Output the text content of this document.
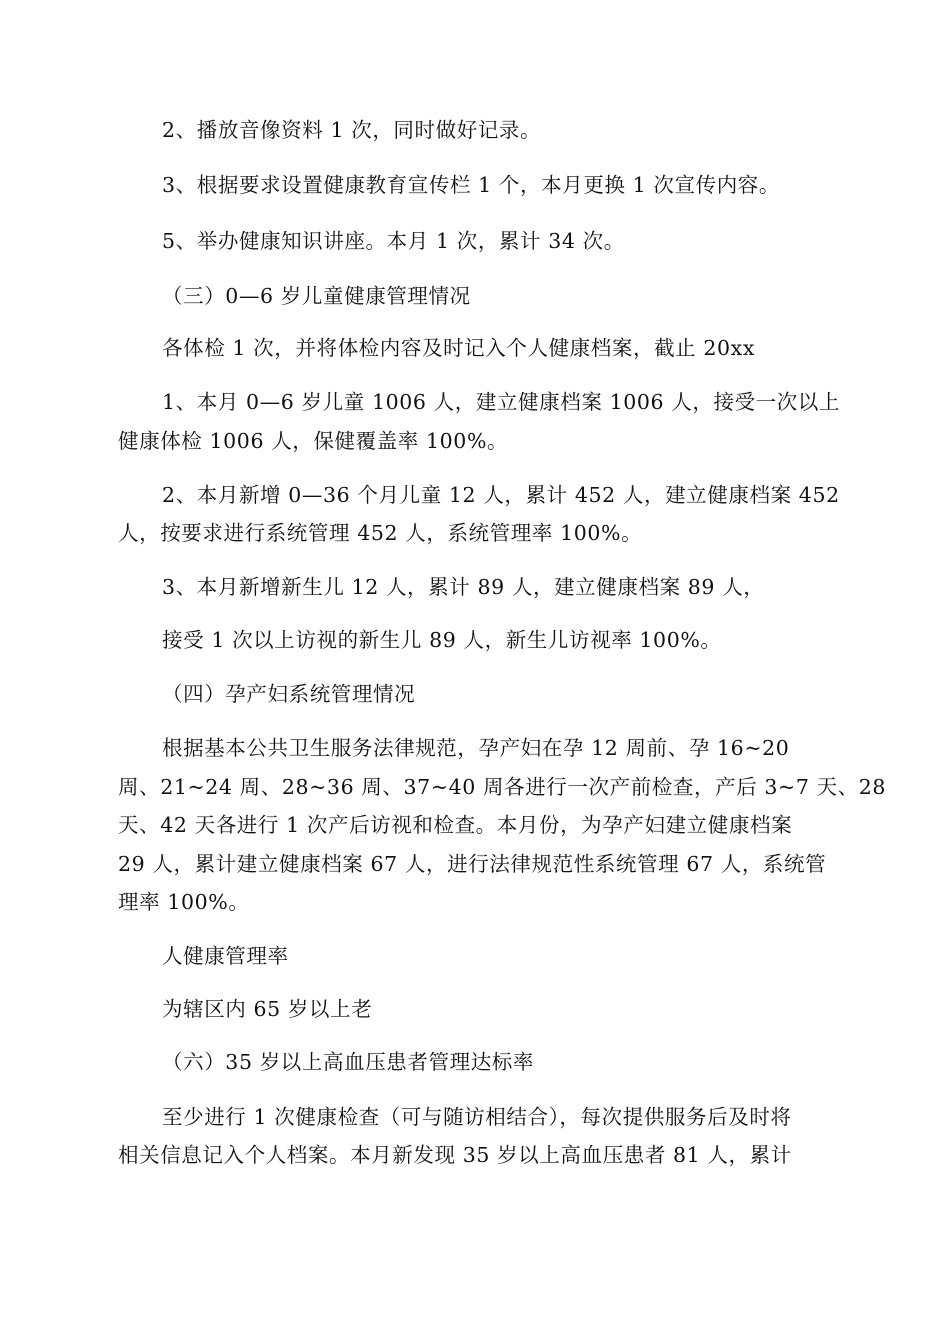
2、播放音像资料 1 次，同时做好记录。
3、根据要求设置健康教育宣传栏 1 个，本月更换 1 次宣传内容。
5、举办健康知识讲座。本月 1 次，累计 34 次。
（三）0—6 岁儿童健康管理情况
各体检 1 次，并将体检内容及时记入个人健康档案，截止 20xx
1、本月 0—6 岁儿童 1006 人，建立健康档案 1006 人，接受一次以上
健康体检 1006 人，保健覆盖率 100%。
2、本月新增 0—36 个月儿童 12 人，累计 452 人，建立健康档案 452
人，按要求进行系统管理 452 人，系统管理率 100%。
3、本月新增新生儿 12 人，累计 89 人，建立健康档案 89 人，
接受 1 次以上访视的新生儿 89 人，新生儿访视率 100%。
（四）孕产妇系统管理情况
根据基本公共卫生服务法律规范，孕产妇在孕 12 周前、孕 16~20
周、21~24 周、28~36 周、37~40 周各进行一次产前检查，产后 3~7 天、28
天、42 天各进行 1 次产后访视和检查。本月份，为孕产妇建立健康档案
29 人，累计建立健康档案 67 人，进行法律规范性系统管理 67 人，系统管
理率 100%。
人健康管理率
为辖区内 65 岁以上老
（六）35 岁以上高血压患者管理达标率
至少进行 1 次健康检查（可与随访相结合），每次提供服务后及时将
相关信息记入个人档案。本月新发现 35 岁以上高血压患者 81 人，累计
